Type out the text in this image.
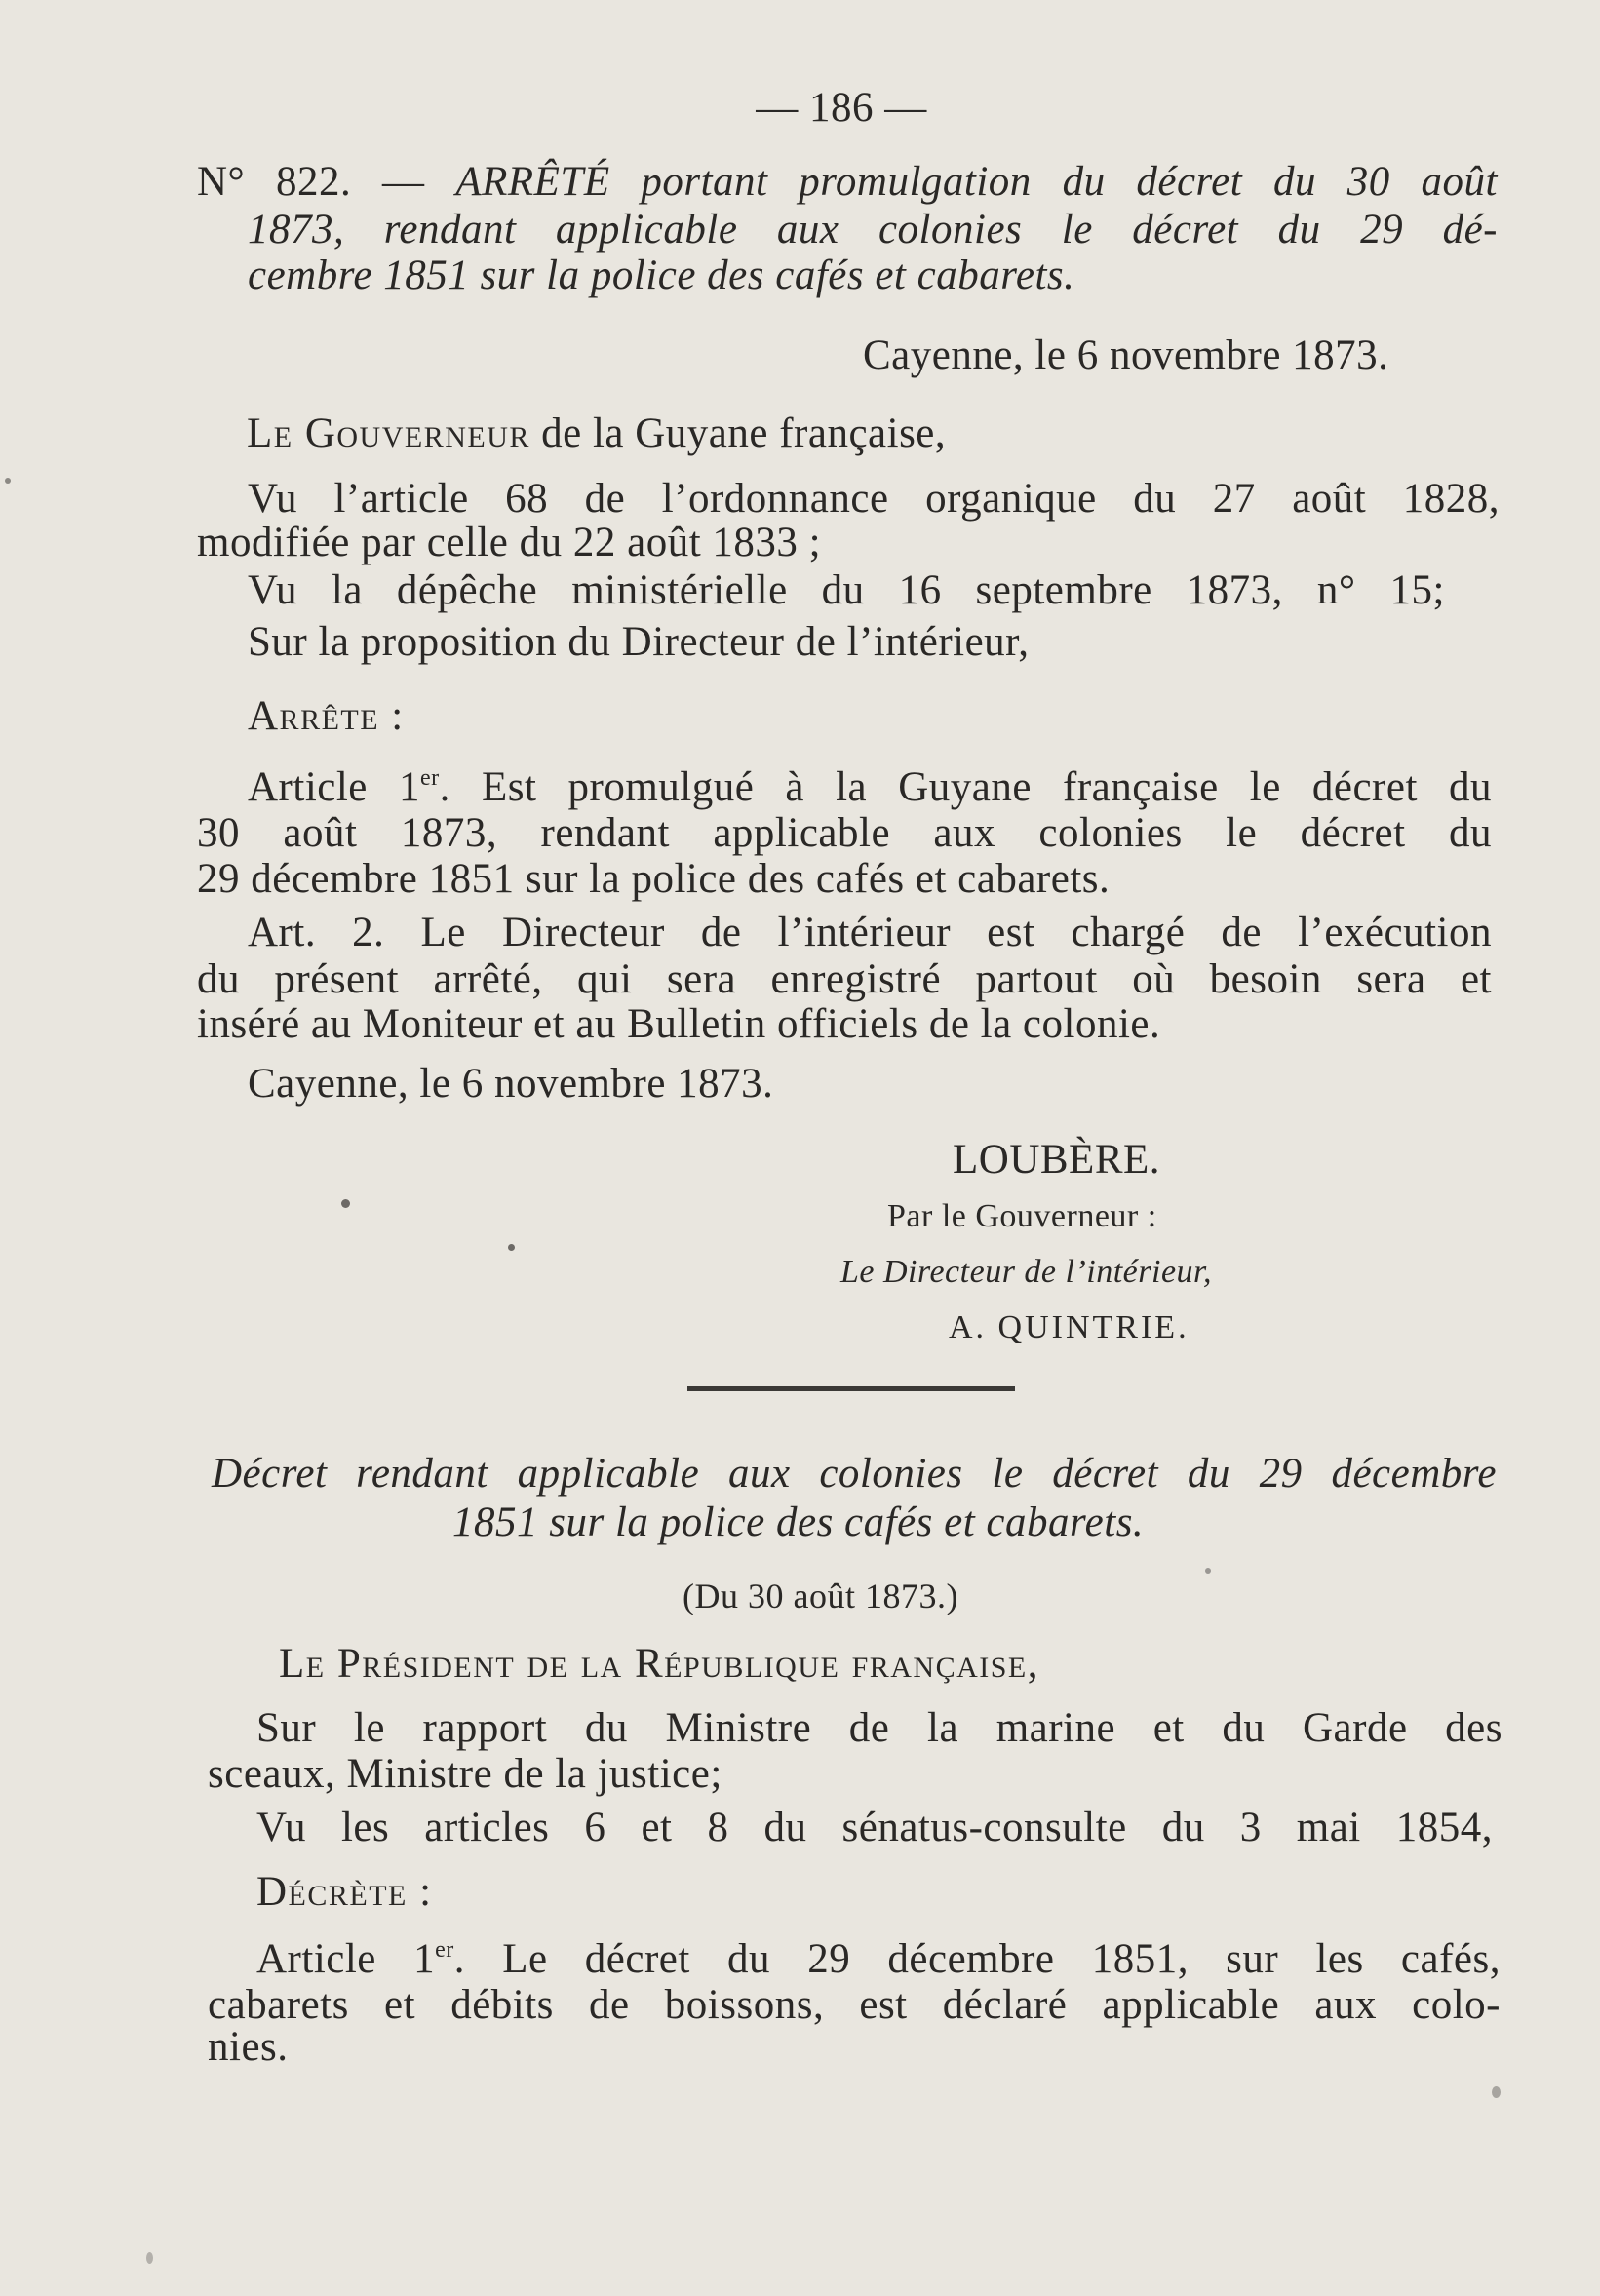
— 186 —
N° 822. — ARRÊTÉ portant promulgation du décret du 30 août
1873, rendant applicable aux colonies le décret du 29 dé-
cembre 1851 sur la police des cafés et cabarets.
Cayenne, le 6 novembre 1873.
Le Gouverneur de la Guyane française,
Vu l’article 68 de l’ordonnance organique du 27 août 1828,
modifiée par celle du 22 août 1833 ;
Vu la dépêche ministérielle du 16 septembre 1873, n° 15;
Sur la proposition du Directeur de l’intérieur,
Arrête :
Article 1er. Est promulgué à la Guyane française le décret du
30 août 1873, rendant applicable aux colonies le décret du
29 décembre 1851 sur la police des cafés et cabarets.
Art. 2. Le Directeur de l’intérieur est chargé de l’exécution
du présent arrêté, qui sera enregistré partout où besoin sera et
inséré au Moniteur et au Bulletin officiels de la colonie.
Cayenne, le 6 novembre 1873.
LOUBÈRE.
Par le Gouverneur :
Le Directeur de l’intérieur,
A. QUINTRIE.
Décret rendant applicable aux colonies le décret du 29 décembre
1851 sur la police des cafés et cabarets.
(Du 30 août 1873.)
Le Président de la République française,
Sur le rapport du Ministre de la marine et du Garde des
sceaux, Ministre de la justice;
Vu les articles 6 et 8 du sénatus-consulte du 3 mai 1854,
Décrète :
Article 1er. Le décret du 29 décembre 1851, sur les cafés,
cabarets et débits de boissons, est déclaré applicable aux colo-
nies.
